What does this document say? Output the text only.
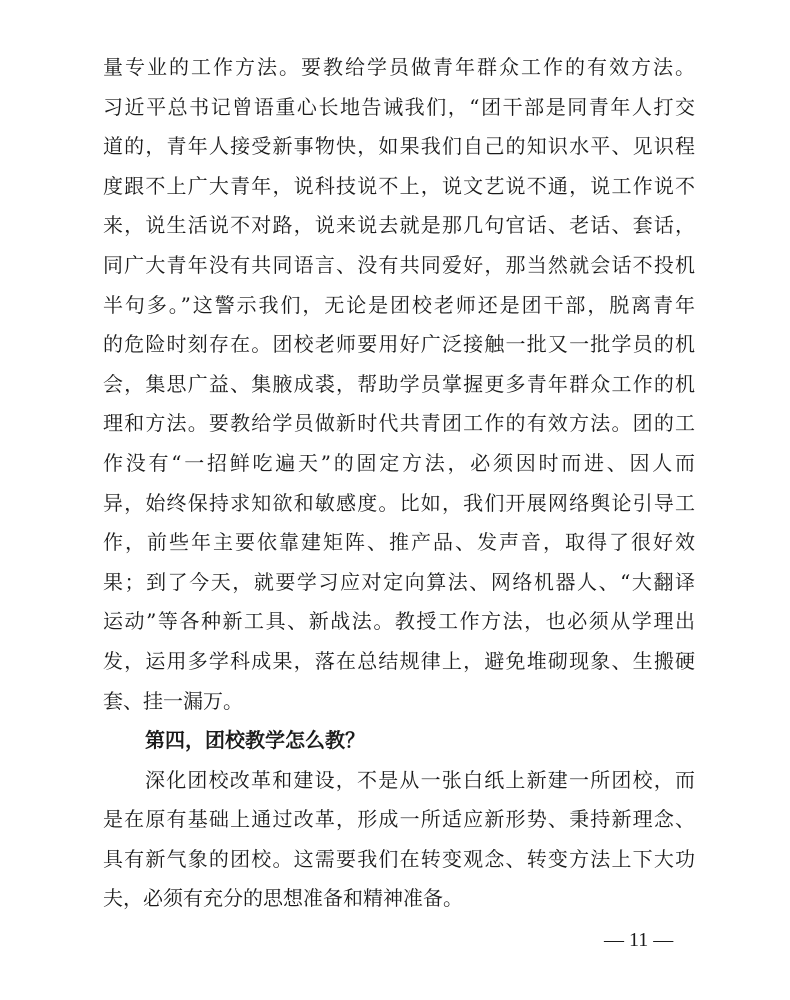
量专业的工作方法。要教给学员做青年群众工作的有效方法。
习近平总书记曾语重心长地告诫我们，“团干部是同青年人打交
道的，青年人接受新事物快，如果我们自己的知识水平、见识程
度跟不上广大青年，说科技说不上，说文艺说不通，说工作说不
来，说生活说不对路，说来说去就是那几句官话、老话、套话，
同广大青年没有共同语言、没有共同爱好，那当然就会话不投机
半句多。”这警示我们，无论是团校老师还是团干部，脱离青年
的危险时刻存在。团校老师要用好广泛接触一批又一批学员的机
会，集思广益、集腋成裘，帮助学员掌握更多青年群众工作的机
理和方法。要教给学员做新时代共青团工作的有效方法。团的工
作没有“一招鲜吃遍天”的固定方法，必须因时而进、因人而
异，始终保持求知欲和敏感度。比如，我们开展网络舆论引导工
作，前些年主要依靠建矩阵、推产品、发声音，取得了很好效
果；到了今天，就要学习应对定向算法、网络机器人、“大翻译
运动”等各种新工具、新战法。教授工作方法，也必须从学理出
发，运用多学科成果，落在总结规律上，避免堆砌现象、生搬硬
套、挂一漏万。
第四，团校教学怎么教？
深化团校改革和建设，不是从一张白纸上新建一所团校，而
是在原有基础上通过改革，形成一所适应新形势、秉持新理念、
具有新气象的团校。这需要我们在转变观念、转变方法上下大功
夫，必须有充分的思想准备和精神准备。
— 11 —
